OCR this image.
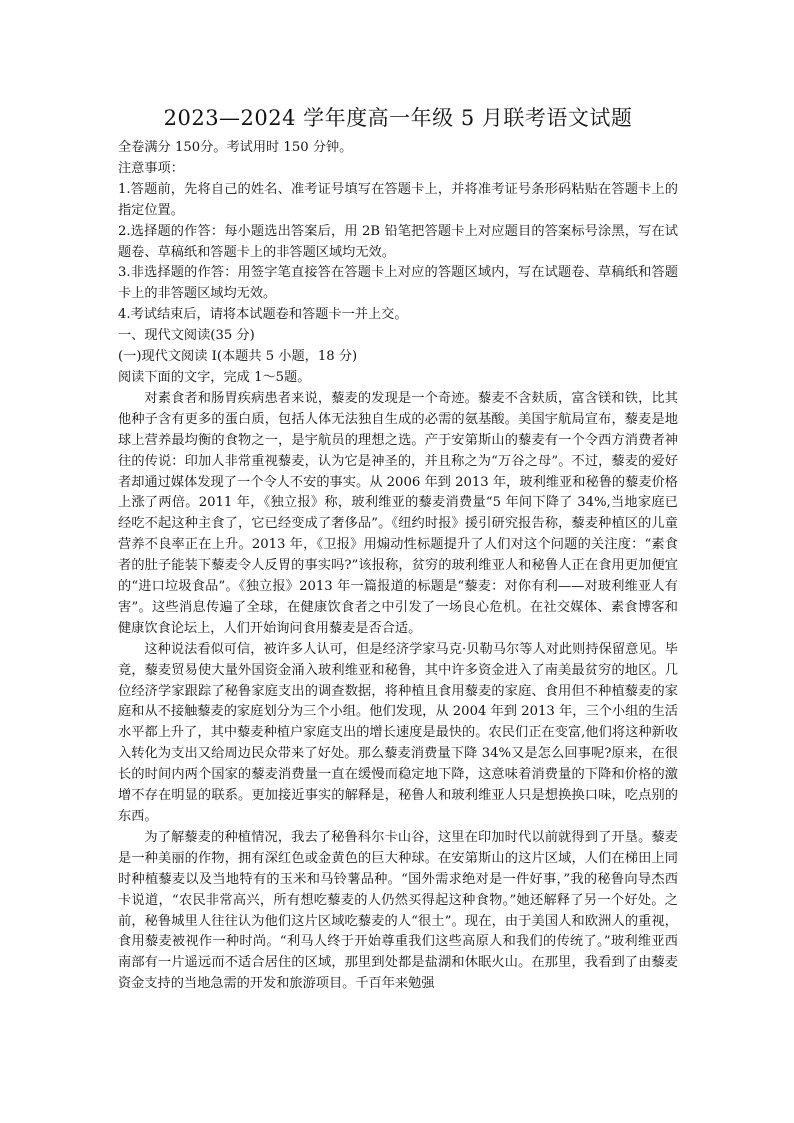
2023—2024 学年度高一年级 5 月联考语文试题

全卷满分 150分。考试用时 150 分钟。

注意事项：

1.答题前，先将自己的姓名、准考证号填写在答题卡上，并将准考证号条形码粘贴在答题卡上的指定位置。

2.选择题的作答：每小题选出答案后，用 2B 铅笔把答题卡上对应题目的答案标号涂黑，写在试题卷、草稿纸和答题卡上的非答题区域均无效。

3.非选择题的作答：用签字笔直接答在答题卡上对应的答题区域内，写在试题卷、草稿纸和答题卡上的非答题区域均无效。

4.考试结束后，请将本试题卷和答题卡一并上交。

一、现代文阅读(35 分)

(一)现代文阅读 I(本题共 5 小题，18 分)

阅读下面的文字，完成 1～5题。

对素食者和肠胃疾病患者来说，藜麦的发现是一个奇迹。藜麦不含麸质，富含镁和铁，比其他种子含有更多的蛋白质，包括人体无法独自生成的必需的氨基酸。美国宇航局宣布，藜麦是地球上营养最均衡的食物之一，是宇航员的理想之选。产于安第斯山的藜麦有一个令西方消费者神往的传说：印加人非常重视藜麦，认为它是神圣的，并且称之为“万谷之母”。不过，藜麦的爱好者却通过媒体发现了一个令人不安的事实。从 2006 年到 2013 年，玻利维亚和秘鲁的藜麦价格上涨了两倍。2011 年，《独立报》称，玻利维亚的藜麦消费量“5 年间下降了 34%,当地家庭已经吃不起这种主食了，它已经变成了奢侈品”。《纽约时报》援引研究报告称，藜麦种植区的儿童营养不良率正在上升。2013 年，《卫报》用煽动性标题提升了人们对这个问题的关注度：“素食者的肚子能装下藜麦令人反胃的事实吗?”该报称，贫穷的玻利维亚人和秘鲁人正在食用更加便宜的“进口垃圾食品”。《独立报》2013 年一篇报道的标题是“藜麦：对你有利——对玻利维亚人有害”。这些消息传遍了全球，在健康饮食者之中引发了一场良心危机。在社交媒体、素食博客和健康饮食论坛上，人们开始询问食用藜麦是否合适。

这种说法看似可信，被许多人认可，但是经济学家马克·贝勒马尔等人对此则持保留意见。毕竟，藜麦贸易使大量外国资金涌入玻利维亚和秘鲁，其中许多资金进入了南美最贫穷的地区。几位经济学家跟踪了秘鲁家庭支出的调查数据，将种植且食用藜麦的家庭、食用但不种植藜麦的家庭和从不接触藜麦的家庭划分为三个小组。他们发现，从 2004 年到 2013 年，三个小组的生活水平都上升了，其中藜麦种植户家庭支出的增长速度是最快的。农民们正在变富,他们将这种新收入转化为支出又给周边民众带来了好处。那么藜麦消费量下降 34%又是怎么回事呢?原来，在很长的时间内两个国家的藜麦消费量一直在缓慢而稳定地下降，这意味着消费量的下降和价格的激增不存在明显的联系。更加接近事实的解释是，秘鲁人和玻利维亚人只是想换换口味，吃点别的东西。

为了解藜麦的种植情况，我去了秘鲁科尔卡山谷，这里在印加时代以前就得到了开垦。藜麦是一种美丽的作物，拥有深红色或金黄色的巨大种球。在安第斯山的这片区域，人们在梯田上同时种植藜麦以及当地特有的玉米和马铃薯品种。“国外需求绝对是一件好事，”我的秘鲁向导杰西卡说道，“农民非常高兴，所有想吃藜麦的人仍然买得起这种食物。”她还解释了另一个好处。之前，秘鲁城里人往往认为他们这片区域吃藜麦的人“很土”。现在，由于美国人和欧洲人的重视，食用藜麦被视作一种时尚。“利马人终于开始尊重我们这些高原人和我们的传统了。”玻利维亚西南部有一片遥远而不适合居住的区域，那里到处都是盐湖和休眠火山。在那里，我看到了由藜麦资金支持的当地急需的开发和旅游项目。千百年来勉强
